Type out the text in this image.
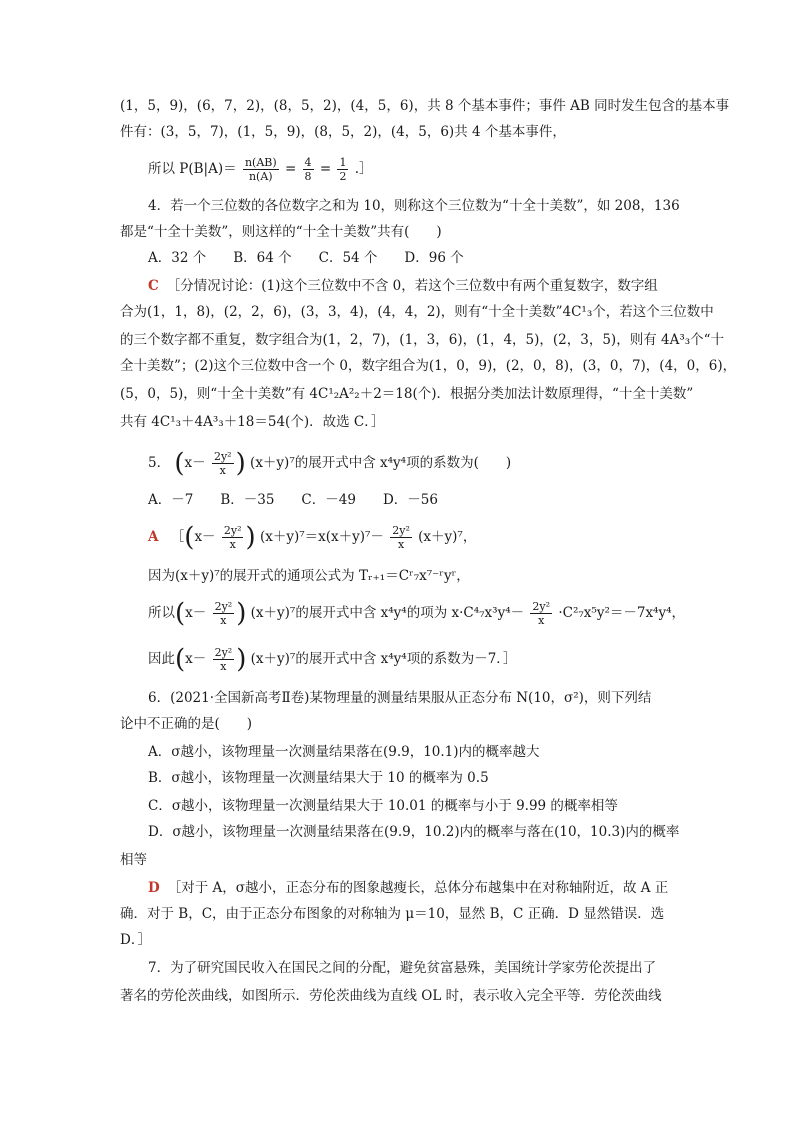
(1，5，9)，(6，7，2)，(8，5，2)，(4，5，6)，共 8 个基本事件；事件 AB 同时发生包含的基本事
件有：(3，5，7)，(1，5，9)，(8，5，2)，(4，5，6)共 4 个基本事件，
所以 $P(B|A)= \frac{n(AB)}{n(A)} = \frac{4}{8} = \frac{1}{2}$ .］
4．若一个三位数的各位数字之和为 10，则称这个三位数为“十全十美数”，如 208，136
都是“十全十美数”，则这样的“十全十美数”共有(　　)
A．32 个　　B．64 个　　C．54 个　　D．96 个
C ［分情况讨论：(1)这个三位数中不含 0，若这个三位数中有两个重复数字，数字组
合为(1，1，8)，(2，2，6)，(3，3，4)，(4，4，2)，则有“十全十美数”4C¹₃个，若这个三位数中
的三个数字都不重复，数字组合为(1，2，7)，(1，3，6)，(1，4，5)，(2，3，5)，则有 4A³₃个“十
全十美数”；(2)这个三位数中含一个 0，数字组合为(1，0，9)，(2，0，8)，(3，0，7)，(4，0，6)，
(5，0，5)，则“十全十美数”有 4C¹₂A²₂＋2＝18(个)．根据分类加法计数原理得，“十全十美数”
共有 4C¹₃＋4A³₃＋18＝54(个)．故选 C．］
5． ($x- \frac{\text{2y²}}{x}$ ) (x＋y)⁷的展开式中含 x⁴y⁴项的系数为(　　)
A．－7　　B．－35　　C．－49　　D．－56
A ［(x－ $\frac{\text{2y²}}{x}$ ) $(x+y)^7=x(x+y)^7- \frac{\text{2y²}}{x} (x+y)^7$，
因为(x＋y)⁷的展开式的通项公式为 Tᵣ₊₁＝Cʳ₇x⁷⁻ʳyʳ，
所以($x- \frac{\text{2y²}}{x}$ ) (x＋y)⁷的展开式中含 x⁴y⁴的项为 $x\cdot C^4_7x^3y^4- \frac{\text{2y²}}{x} \cdot C^2_7x^5y^2=-7x^4y^4$，
因此($x- \frac{\text{2y²}}{x}$ ) (x＋y)⁷的展开式中含 x⁴y⁴项的系数为－7．］
6．(2021·全国新高考Ⅱ卷)某物理量的测量结果服从正态分布 N(10，σ²)，则下列结
论中不正确的是(　　)
A．σ越小，该物理量一次测量结果落在(9.9，10.1)内的概率越大
B．σ越小，该物理量一次测量结果大于 10 的概率为 0.5
C．σ越小，该物理量一次测量结果大于 10.01 的概率与小于 9.99 的概率相等
D．σ越小，该物理量一次测量结果落在(9.9，10.2)内的概率与落在(10，10.3)内的概率
相等
D ［对于 A，σ越小，正态分布的图象越瘦长，总体分布越集中在对称轴附近，故 A 正
确．对于 B，C，由于正态分布图象的对称轴为 μ＝10，显然 B，C 正确．D 显然错误．选
D．］
7．为了研究国民收入在国民之间的分配，避免贫富悬殊，美国统计学家劳伦茨提出了
著名的劳伦茨曲线，如图所示．劳伦茨曲线为直线 OL 时，表示收入完全平等．劳伦茨曲线
